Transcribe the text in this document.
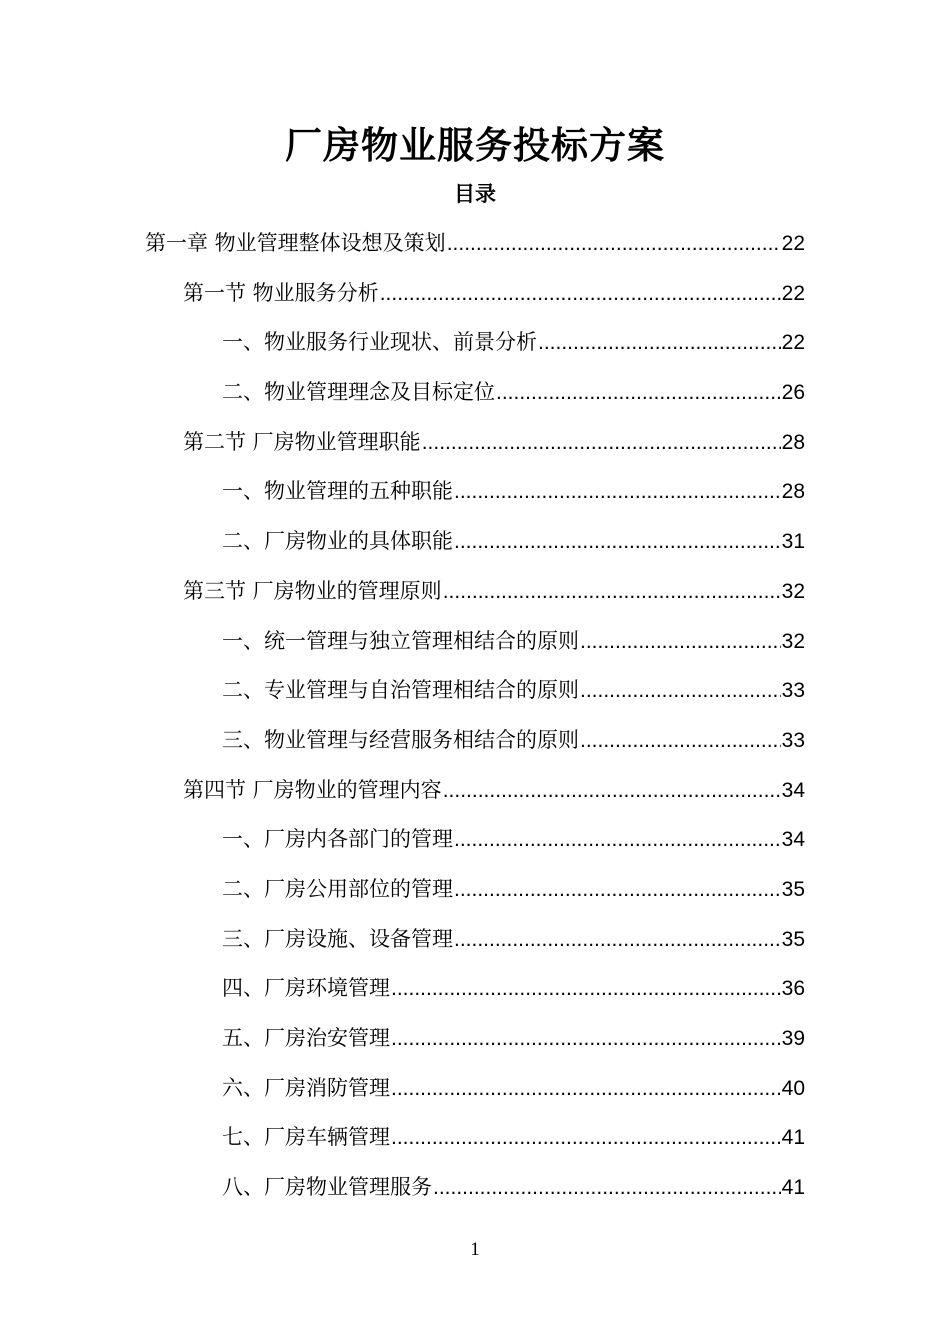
厂房物业服务投标方案
目录
第一章 物业管理整体设想及策划 .....	22
第一节 物业服务分析 .....	22
一、物业服务行业现状、前景分析 .....	22
二、物业管理理念及目标定位 .....	26
第二节 厂房物业管理职能 .....	28
一、物业管理的五种职能 .....	28
二、厂房物业的具体职能 .....	31
第三节 厂房物业的管理原则 .....	32
一、统一管理与独立管理相结合的原则 .....	32
二、专业管理与自治管理相结合的原则 .....	33
三、物业管理与经营服务相结合的原则 .....	33
第四节 厂房物业的管理内容 .....	34
一、厂房内各部门的管理 .....	34
二、厂房公用部位的管理 .....	35
三、厂房设施、设备管理 .....	35
四、厂房环境管理 .....	36
五、厂房治安管理 .....	39
六、厂房消防管理 .....	40
七、厂房车辆管理 .....	41
八、厂房物业管理服务 .....	41
1
